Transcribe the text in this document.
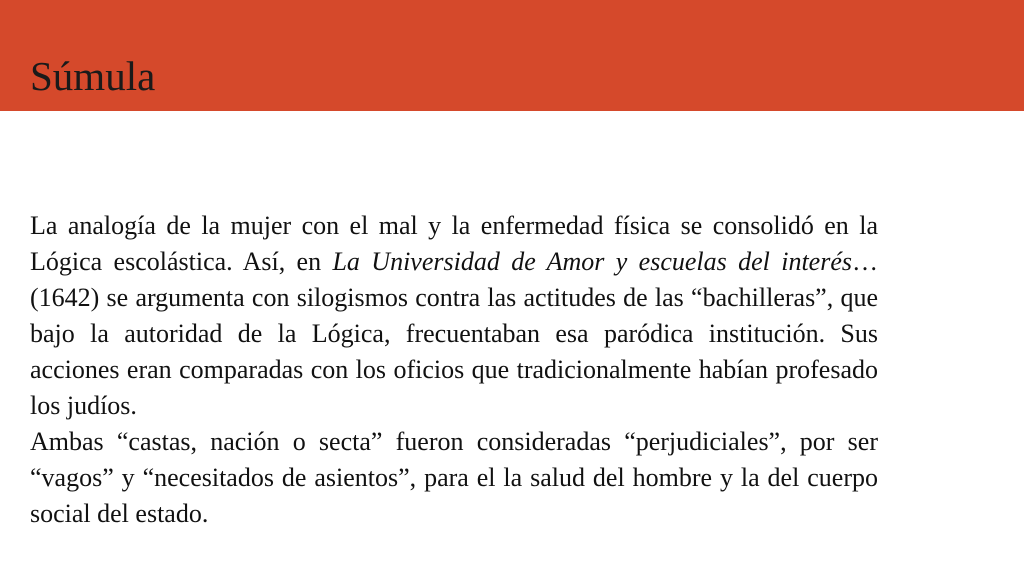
Súmula

La analogía de la mujer con el mal y la enfermedad física se consolidó en la Lógica escolástica. Así, en La Universidad de Amor y escuelas del interés…(1642) se argumenta con silogismos contra las actitudes de las “bachilleras”, que bajo la autoridad de la Lógica, frecuentaban esa paródica institución. Sus acciones eran comparadas con los oficios que tradicionalmente habían profesado los judíos.

Ambas “castas, nación o secta” fueron consideradas “perjudiciales”, por ser “vagos” y “necesitados de asientos”, para el la salud del hombre y la del cuerpo social del estado.
